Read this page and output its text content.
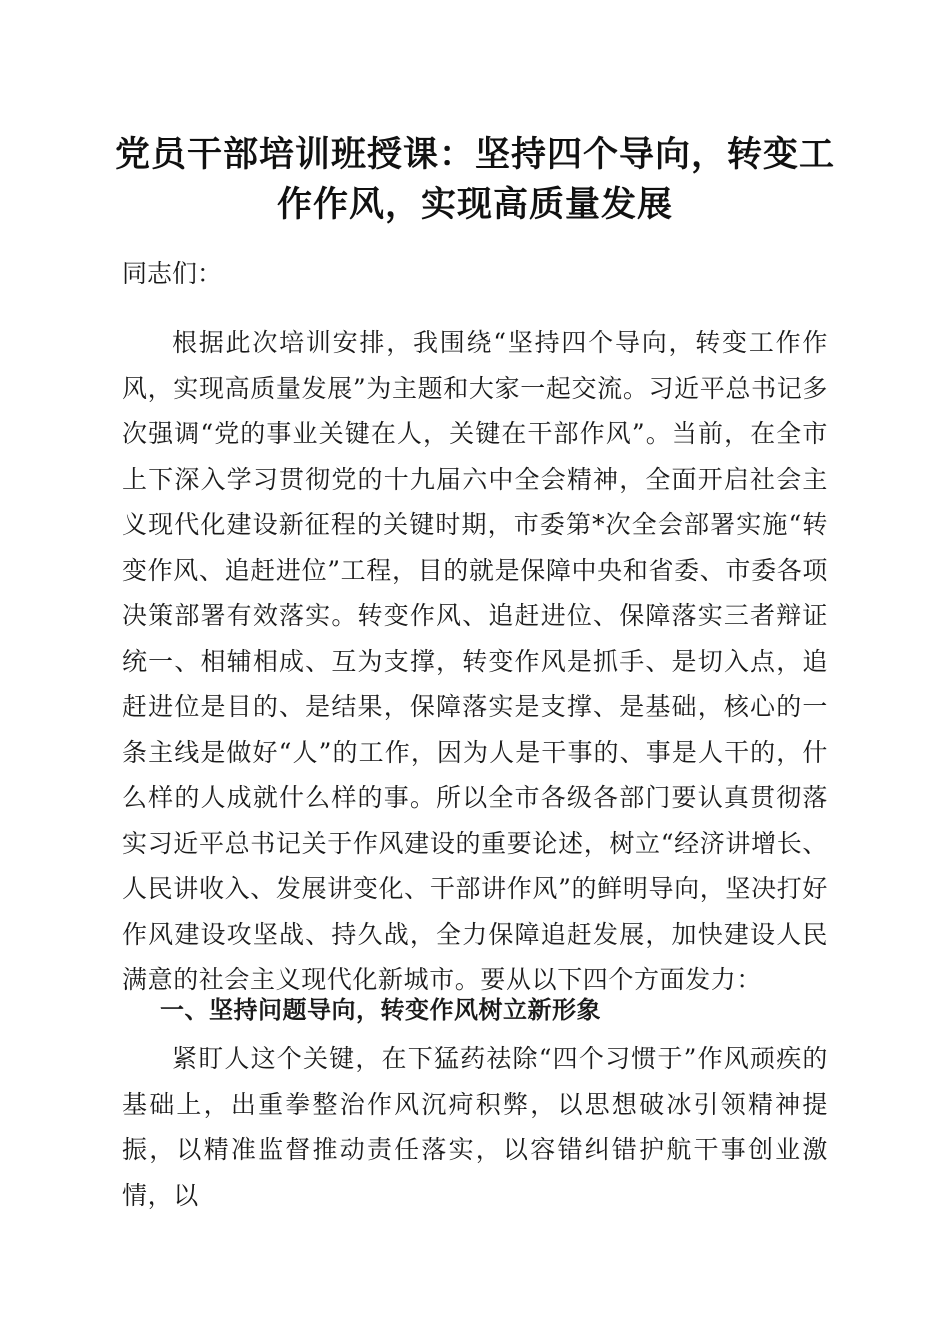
党员干部培训班授课：坚持四个导向，转变工作作风，实现高质量发展
同志们：

根据此次培训安排，我围绕“坚持四个导向，转变工作作风，实现高质量发展”为主题和大家一起交流。习近平总书记多次强调“党的事业关键在人，关键在干部作风”。当前，在全市上下深入学习贯彻党的十九届六中全会精神，全面开启社会主义现代化建设新征程的关键时期，市委第*次全会部署实施“转变作风、追赶进位”工程，目的就是保障中央和省委、市委各项决策部署有效落实。转变作风、追赶进位、保障落实三者辩证统一、相辅相成、互为支撑，转变作风是抓手、是切入点，追赶进位是目的、是结果，保障落实是支撑、是基础，核心的一条主线是做好“人”的工作，因为人是干事的、事是人干的，什么样的人成就什么样的事。所以全市各级各部门要认真贯彻落实习近平总书记关于作风建设的重要论述，树立“经济讲增长、人民讲收入、发展讲变化、干部讲作风”的鲜明导向，坚决打好作风建设攻坚战、持久战，全力保障追赶发展，加快建设人民满意的社会主义现代化新城市。要从以下四个方面发力：

一、坚持问题导向，转变作风树立新形象

紧盯人这个关键，在下猛药祛除“四个习惯于”作风顽疾的基础上，出重拳整治作风沉疴积弊，以思想破冰引领精神提振，以精准监督推动责任落实，以容错纠错护航干事创业激情，以
